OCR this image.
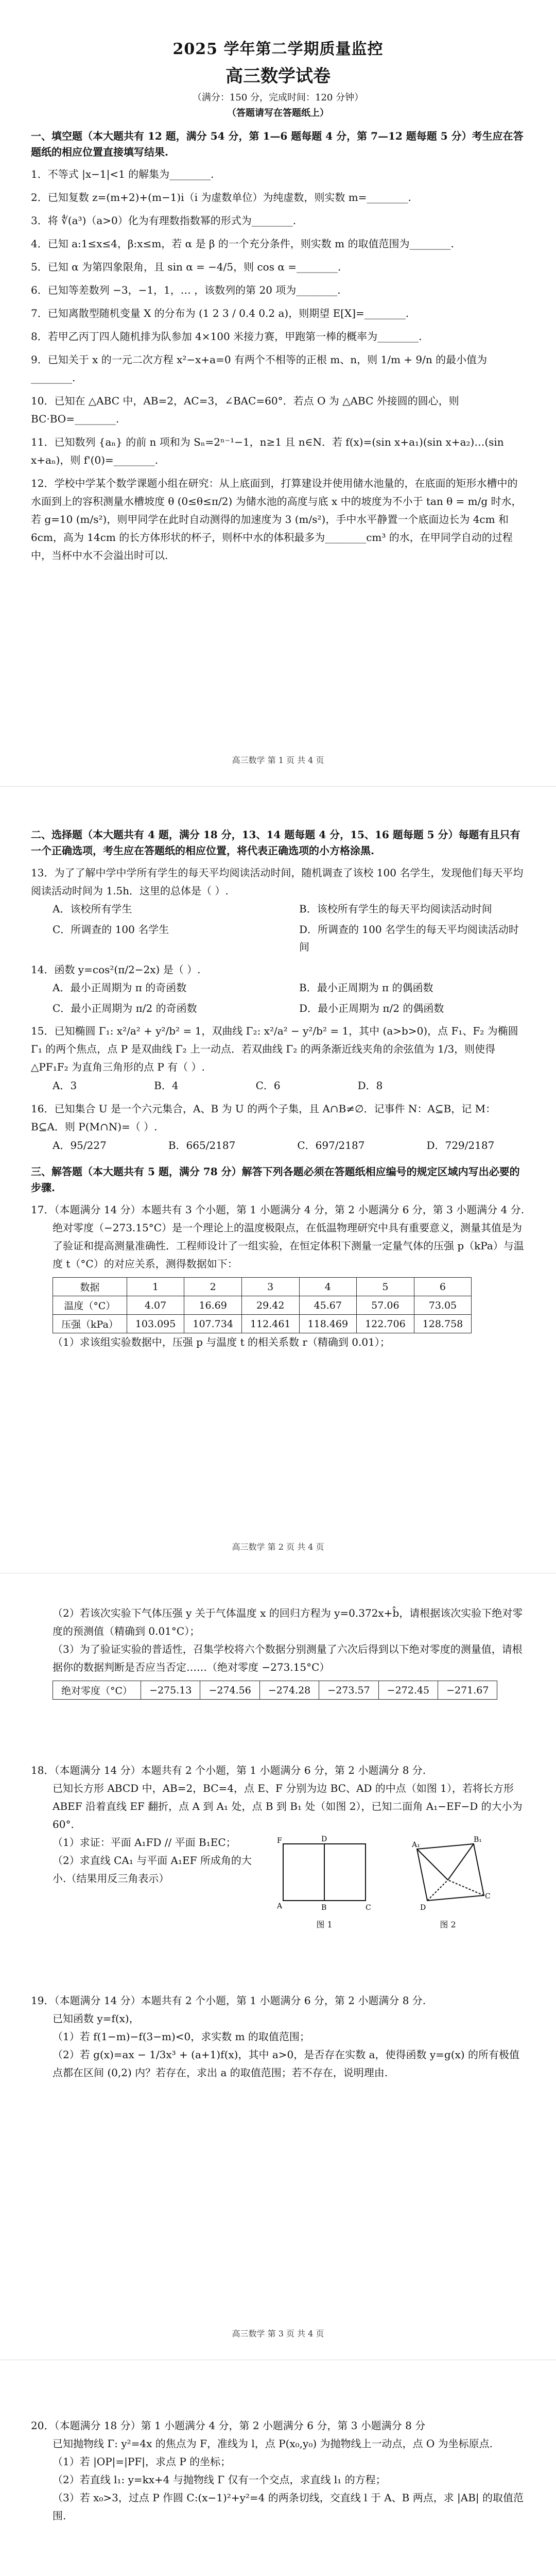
2025 学年第二学期质量监控
高三数学试卷
（满分：150 分，完成时间：120 分钟）
（答题请写在答题纸上）
一、填空题（本大题共有 12 题，满分 54 分，第 1—6 题每题 4 分，第 7—12 题每题 5 分）考生应在答题纸的相应位置直接填写结果.
1．不等式 |x−1|<1 的解集为________.
2．已知复数 z=(m+2)+(m−1)i（i 为虚数单位）为纯虚数，则实数 m=________.
3．将 ∜(a³)（a>0）化为有理数指数幂的形式为________.
4．已知 a:1≤x≤4，β:x≤m，若 α 是 β 的一个充分条件，则实数 m 的取值范围为________.
5．已知 α 为第四象限角，且 sin α = −4/5，则 cos α =________.
6．已知等差数列 −3，−1，1，… ，该数列的第 20 项为________.
7．已知离散型随机变量 X 的分布为 (1 2 3 / 0.4 0.2 a)，则期望 E[X]=________.
8．若甲乙丙丁四人随机排为队参加 4×100 米接力赛，甲跑第一棒的概率为________.
9．已知关于 x 的一元二次方程 x²−x+a=0 有两个不相等的正根 m、n，则 1/m + 9/n 的最小值为________.
10．已知在 △ABC 中，AB=2，AC=3，∠BAC=60°．若点 O 为 △ABC 外接圆的圆心，则 BC·BO=________.
11．已知数列 {aₙ} 的前 n 项和为 Sₙ=2ⁿ⁻¹−1，n≥1 且 n∈N．若 f(x)=(sin x+a₁)(sin x+a₂)…(sin x+aₙ)，则 f'(0)=________.
12．学校中学某个数学课题小组在研究：从上底面到，打算建设并使用储水池量的，在底面的矩形水槽中的水面到上的容积测量水槽坡度 θ (0≤θ≤π/2) 为储水池的高度与底 x 中的坡度为不小于 tan θ = m/g 时水，若 g=10 (m/s²)，则甲同学在此时自动测得的加速度为 3 (m/s²)，手中水平静置一个底面边长为 4cm 和 6cm，高为 14cm 的长方体形状的杯子，则杯中水的体积最多为________cm³ 的水，在甲同学自动的过程中，当杯中水不会溢出时可以.
高三数学 第 1 页 共 4 页
二、选择题（本大题共有 4 题，满分 18 分，13、14 题每题 4 分，15、16 题每题 5 分）每题有且只有一个正确选项，考生应在答题纸的相应位置，将代表正确选项的小方格涂黑.
13．为了了解中学中学所有学生的每天平均阅读活动时间，随机调查了该校 100 名学生，发现他们每天平均阅读活动时间为 1.5h．这里的总体是（ ）.
A．该校所有学生	B．该校所有学生的每天平均阅读活动时间
C．所调查的 100 名学生	D．所调查的 100 名学生的每天平均阅读活动时间
14．函数 y=cos²(π/2−2x) 是（ ）.
A．最小正周期为 π 的奇函数	B．最小正周期为 π 的偶函数
C．最小正周期为 π/2 的奇函数	D．最小正周期为 π/2 的偶函数
15．已知椭圆 Γ₁: x²/a² + y²/b² = 1，双曲线 Γ₂: x²/a² − y²/b² = 1，其中 (a>b>0)，点 F₁、F₂ 为椭圆 Γ₁ 的两个焦点，点 P 是双曲线 Γ₂ 上一动点．若双曲线 Γ₂ 的两条渐近线夹角的余弦值为 1/3，则使得 △PF₁F₂ 为直角三角形的点 P 有（ ）.
A．3	B．4	C．6	D．8
16．已知集合 U 是一个六元集合，A、B 为 U 的两个子集，且 A∩B≠∅．记事件 N：A⊆B，记 M：B⊆A．则 P(M∩N)=（ ）.
A．95/227	B．665/2187	C．697/2187	D．729/2187
三、解答题（本大题共有 5 题，满分 78 分）解答下列各题必须在答题纸相应编号的规定区域内写出必要的步骤.
17．（本题满分 14 分）本题共有 3 个小题，第 1 小题满分 4 分，第 2 小题满分 6 分，第 3 小题满分 4 分.
绝对零度（−273.15°C）是一个理论上的温度极限点，在低温物理研究中具有重要意义，测量其值是为了验证和提高测量准确性．工程师设计了一组实验，在恒定体积下测量一定量气体的压强 p（kPa）与温度 t（°C）的对应关系，测得数据如下：
数据	1	2	3	4	5	6
温度（°C）	4.07	16.69	29.42	45.67	57.06	73.05
压强（kPa）	103.095	107.734	112.461	118.469	122.706	128.758
（1）求该组实验数据中，压强 p 与温度 t 的相关系数 r（精确到 0.01）；
高三数学 第 2 页 共 4 页
（2）若该次实验下气体压强 y 关于气体温度 x 的回归方程为 y=0.372x+b̂，请根据该次实验下绝对零度的预测值（精确到 0.01°C）；
（3）为了验证实验的普适性，召集学校将六个数据分别测量了六次后得到以下绝对零度的测量值，请根据你的数据判断是否应当否定……（绝对零度 −273.15°C）
绝对零度（°C）	−275.13	−274.56	−274.28	−273.57	−272.45	−271.67
18．（本题满分 14 分）本题共有 2 个小题，第 1 小题满分 6 分，第 2 小题满分 8 分.
已知长方形 ABCD 中，AB=2，BC=4，点 E、F 分别为边 BC、AD 的中点（如图 1），若将长方形 ABEF 沿着直线 EF 翻折，点 A 到 A₁ 处，点 B 到 B₁ 处（如图 2），已知二面角 A₁−EF−D 的大小为 60°.
（1）求证：平面 A₁FD // 平面 B₁EC；
（2）求直线 CA₁ 与平面 A₁EF 所成角的大小.（结果用反三角表示）
F	D
A	B	C
图 1
A₁
B₁
C
D
图 2
19．（本题满分 14 分）本题共有 2 个小题，第 1 小题满分 6 分，第 2 小题满分 8 分.
已知函数 y=f(x)，
（1）若 f(1−m)−f(3−m)<0，求实数 m 的取值范围；
（2）若 g(x)=ax − 1/3x³ + (a+1)f(x)，其中 a>0，是否存在实数 a，使得函数 y=g(x) 的所有极值点都在区间 (0,2) 内？若存在，求出 a 的取值范围；若不存在，说明理由.
高三数学 第 3 页 共 4 页
20．（本题满分 18 分）第 1 小题满分 4 分，第 2 小题满分 6 分，第 3 小题满分 8 分
已知抛物线 Γ: y²=4x 的焦点为 F，准线为 l，点 P(x₀,y₀) 为抛物线上一动点，点 O 为坐标原点.
（1）若 |OP|=|PF|，求点 P 的坐标；
（2）若直线 l₁: y=kx+4 与抛物线 Γ 仅有一个交点，求直线 l₁ 的方程；
（3）若 x₀>3，过点 P 作圆 C:(x−1)²+y²=4 的两条切线，交直线 l 于 A、B 两点，求 |AB| 的取值范围.
